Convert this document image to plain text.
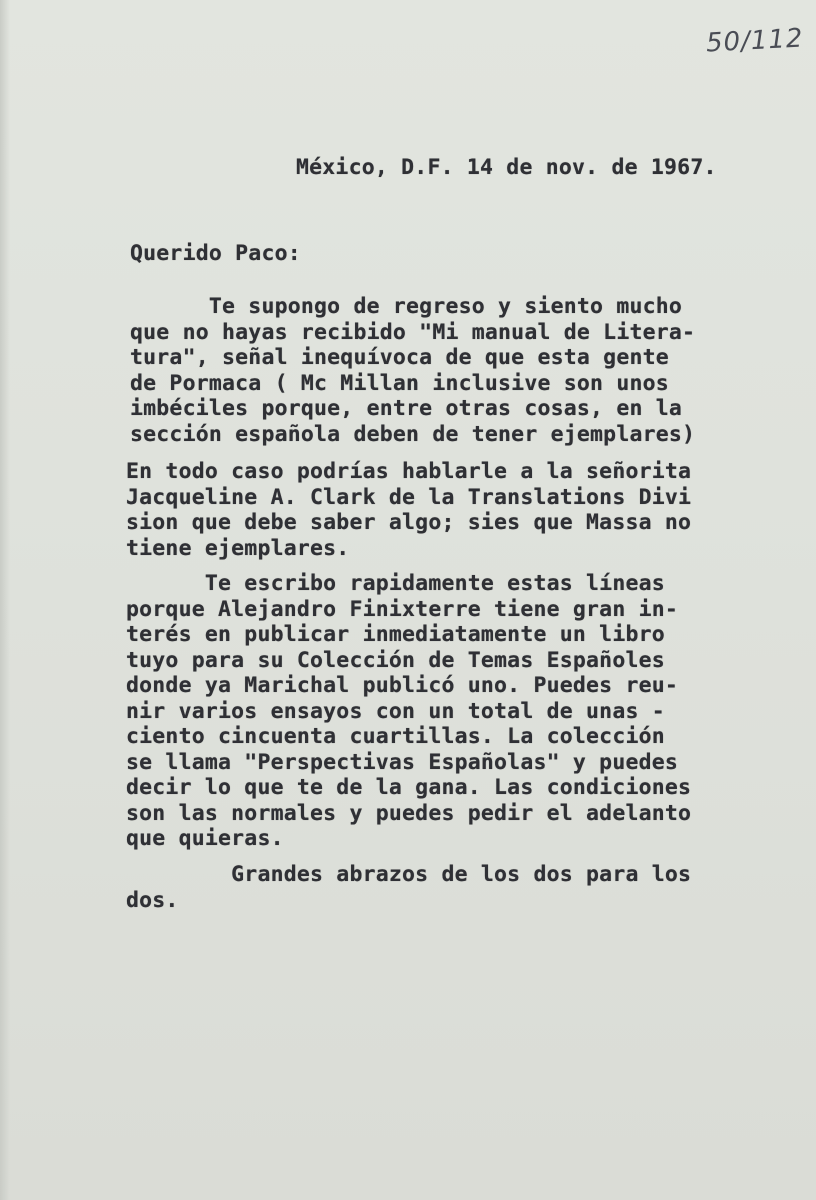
50/112

México, D.F. 14 de nov. de 1967.

Querido Paco:

Te supongo de regreso y siento mucho
que no hayas recibido "Mi manual de Litera-
tura", señal inequívoca de que esta gente
de Pormaca ( Mc Millan inclusive son unos
imbéciles porque, entre otras cosas, en la
sección española deben de tener ejemplares)

En todo caso podrías hablarle a la señorita
Jacqueline A. Clark de la Translations Divi
sion que debe saber algo; sies que Massa no
tiene ejemplares.

Te escribo rapidamente estas líneas
porque Alejandro Finixterre tiene gran in-
terés en publicar inmediatamente un libro
tuyo para su Colección de Temas Españoles
donde ya Marichal publicó uno. Puedes reu-
nir varios ensayos con un total de unas -
ciento cincuenta cuartillas. La colección
se llama "Perspectivas Españolas" y puedes
decir lo que te de la gana. Las condiciones
son las normales y puedes pedir el adelanto
que quieras.

Grandes abrazos de los dos para los
dos.
